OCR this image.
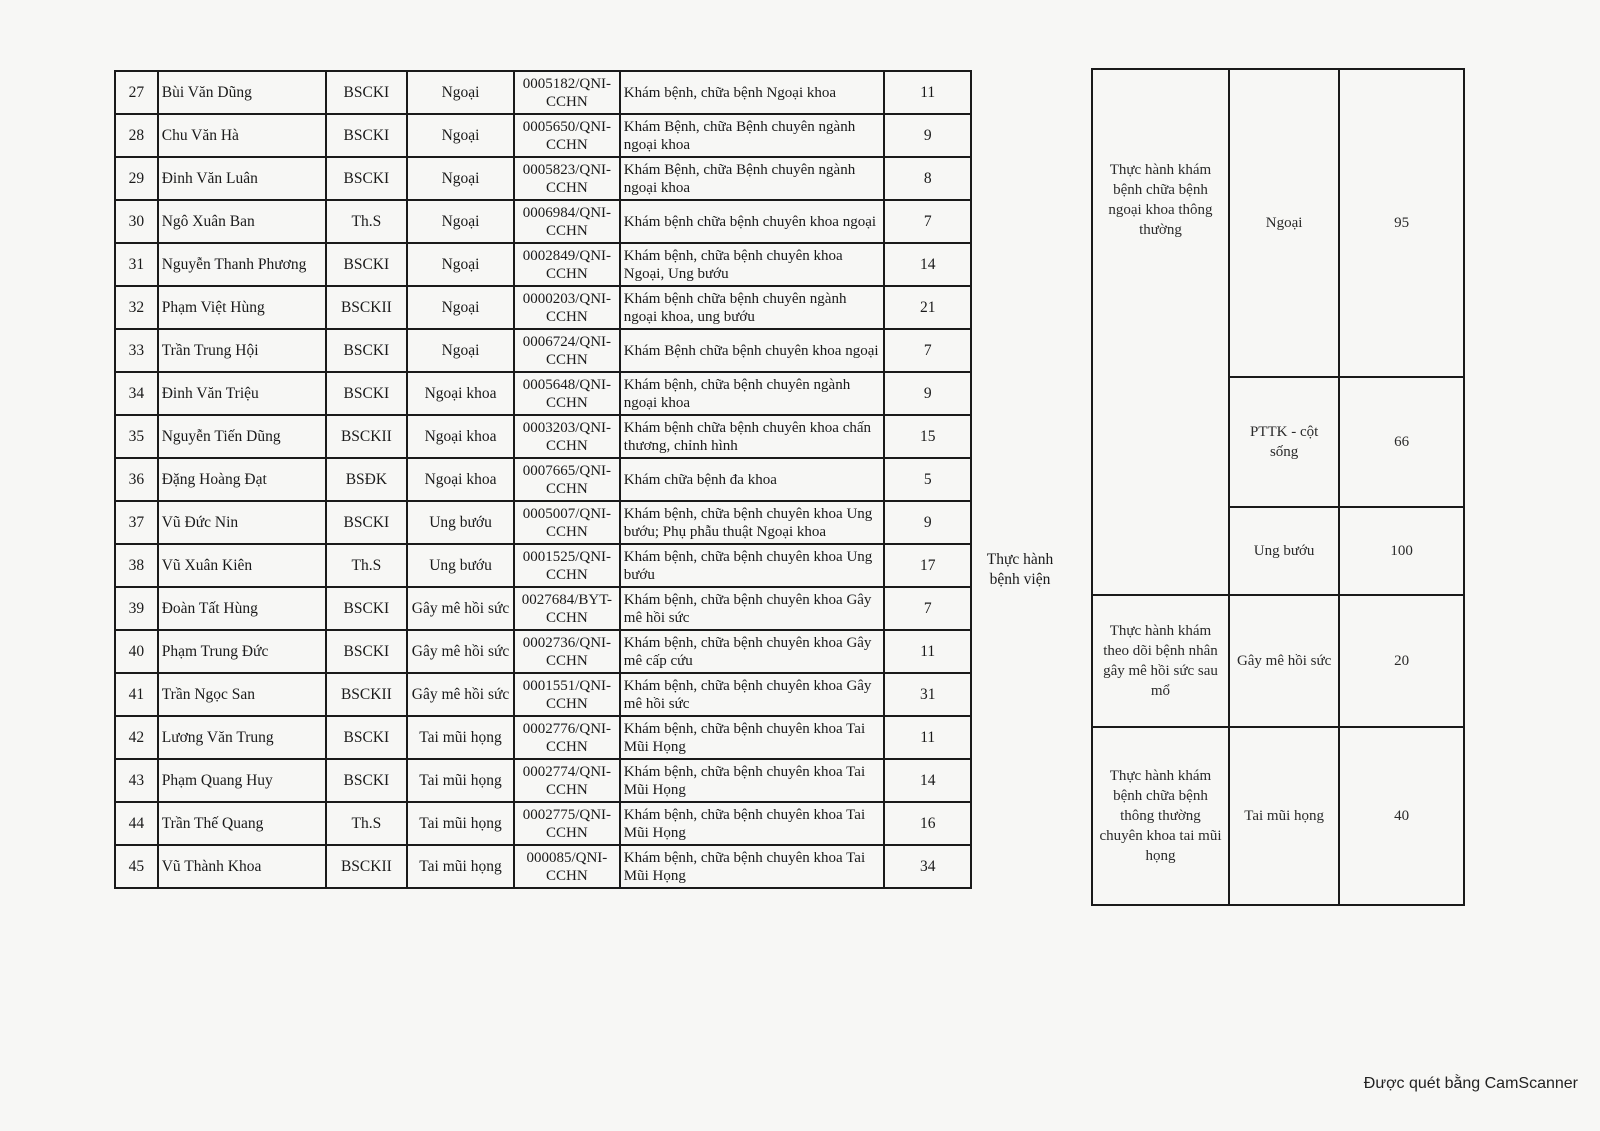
27	Bùi Văn Dũng	BSCKI	Ngoại	0005182/QNI-CCHN	Khám bệnh, chữa bệnh Ngoại khoa	11
28	Chu Văn Hà	BSCKI	Ngoại	0005650/QNI-CCHN	Khám Bệnh, chữa Bệnh chuyên ngành ngoại khoa	9
29	Đinh Văn Luân	BSCKI	Ngoại	0005823/QNI-CCHN	Khám Bệnh, chữa Bệnh chuyên ngành ngoại khoa	8
30	Ngô Xuân Ban	Th.S	Ngoại	0006984/QNI-CCHN	Khám bệnh chữa bệnh chuyên khoa ngoại	7
31	Nguyễn Thanh Phương	BSCKI	Ngoại	0002849/QNI-CCHN	Khám bệnh, chữa bệnh chuyên khoa Ngoại, Ung bướu	14
32	Phạm Việt Hùng	BSCKII	Ngoại	0000203/QNI-CCHN	Khám bệnh chữa bệnh chuyên ngành ngoại khoa, ung bướu	21
33	Trần Trung Hội	BSCKI	Ngoại	0006724/QNI-CCHN	Khám Bệnh chữa bệnh chuyên khoa ngoại	7
34	Đinh Văn Triệu	BSCKI	Ngoại khoa	0005648/QNI-CCHN	Khám bệnh, chữa bệnh chuyên ngành ngoại khoa	9
35	Nguyễn Tiến Dũng	BSCKII	Ngoại khoa	0003203/QNI-CCHN	Khám bệnh chữa bệnh chuyên khoa chấn thương, chỉnh hình	15
36	Đặng Hoàng Đạt	BSĐK	Ngoại khoa	0007665/QNI-CCHN	Khám chữa bệnh đa khoa	5
37	Vũ Đức Nin	BSCKI	Ung bướu	0005007/QNI-CCHN	Khám bệnh, chữa bệnh chuyên khoa Ung bướu; Phụ phẫu thuật Ngoại khoa	9
38	Vũ Xuân Kiên	Th.S	Ung bướu	0001525/QNI-CCHN	Khám bệnh, chữa bệnh chuyên khoa Ung bướu	17
39	Đoàn Tất Hùng	BSCKI	Gây mê hồi sức	0027684/BYT-CCHN	Khám bệnh, chữa bệnh chuyên khoa Gây mê hồi sức	7
40	Phạm Trung Đức	BSCKI	Gây mê hồi sức	0002736/QNI-CCHN	Khám bệnh, chữa bệnh chuyên khoa Gây mê cấp cứu	11
41	Trần Ngọc San	BSCKII	Gây mê hồi sức	0001551/QNI-CCHN	Khám bệnh, chữa bệnh chuyên khoa Gây mê hồi sức	31
42	Lương Văn Trung	BSCKI	Tai mũi họng	0002776/QNI-CCHN	Khám bệnh, chữa bệnh chuyên khoa Tai Mũi Họng	11
43	Phạm Quang Huy	BSCKI	Tai mũi họng	0002774/QNI-CCHN	Khám bệnh, chữa bệnh chuyên khoa Tai Mũi Họng	14
44	Trần Thế Quang	Th.S	Tai mũi họng	0002775/QNI-CCHN	Khám bệnh, chữa bệnh chuyên khoa Tai Mũi Họng	16
45	Vũ Thành Khoa	BSCKII	Tai mũi họng	000085/QNI-CCHN	Khám bệnh, chữa bệnh chuyên khoa Tai Mũi Họng	34
Thực hành bệnh viện
Thực hành khám bệnh chữa bệnh ngoại khoa thông thường	Ngoại	95
	PTTK - cột sống	66
	Ung bướu	100
Thực hành khám theo dõi bệnh nhân gây mê hồi sức sau mổ	Gây mê hồi sức	20
Thực hành khám bệnh chữa bệnh thông thường chuyên khoa tai mũi họng	Tai mũi họng	40
Được quét bằng CamScanner
